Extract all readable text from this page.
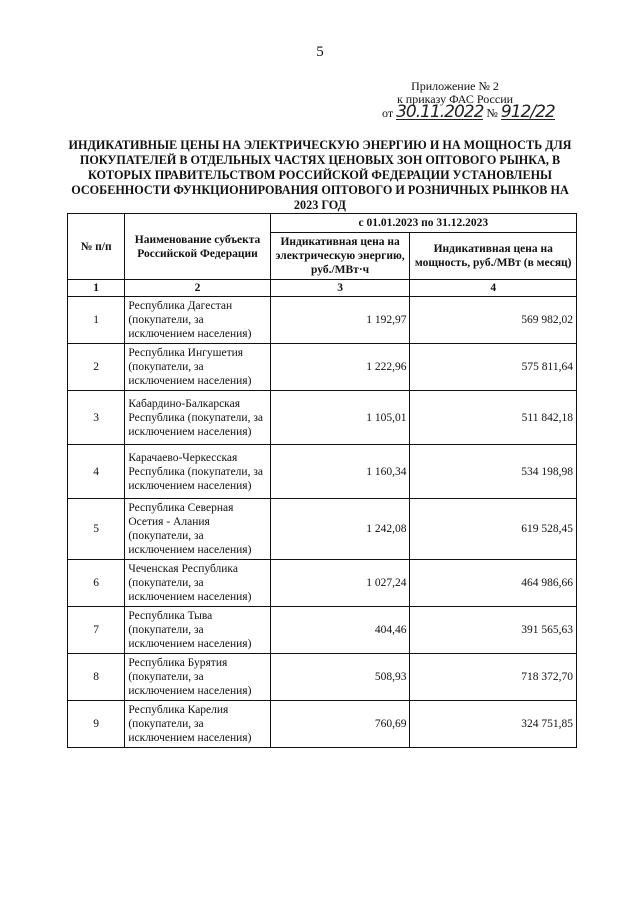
5
Приложение № 2
к приказу ФАС России
от 30.11.2022 № 912/22
ИНДИКАТИВНЫЕ ЦЕНЫ НА ЭЛЕКТРИЧЕСКУЮ ЭНЕРГИЮ И НА МОЩНОСТЬ ДЛЯ ПОКУПАТЕЛЕЙ В ОТДЕЛЬНЫХ ЧАСТЯХ ЦЕНОВЫХ ЗОН ОПТОВОГО РЫНКА, В КОТОРЫХ ПРАВИТЕЛЬСТВОМ РОССИЙСКОЙ ФЕДЕРАЦИИ УСТАНОВЛЕНЫ ОСОБЕННОСТИ ФУНКЦИОНИРОВАНИЯ ОПТОВОГО И РОЗНИЧНЫХ РЫНКОВ НА 2023 ГОД
№ п/п	Наименование субъекта Российской Федерации	с 01.01.2023 по 31.12.2023	
		Индикативная цена на электрическую энергию, руб./МВт·ч	Индикативная цена на мощность, руб./МВт (в месяц)
1	2	3	4
1	Республика Дагестан (покупатели, за исключением населения)	1 192,97	569 982,02
2	Республика Ингушетия (покупатели, за исключением населения)	1 222,96	575 811,64
3	Кабардино-Балкарская Республика (покупатели, за исключением населения)	1 105,01	511 842,18
4	Карачаево-Черкесская Республика (покупатели, за исключением населения)	1 160,34	534 198,98
5	Республика Северная Осетия - Алания (покупатели, за исключением населения)	1 242,08	619 528,45
6	Чеченская Республика (покупатели, за исключением населения)	1 027,24	464 986,66
7	Республика Тыва (покупатели, за исключением населения)	404,46	391 565,63
8	Республика Бурятия (покупатели, за исключением населения)	508,93	718 372,70
9	Республика Карелия (покупатели, за исключением населения)	760,69	324 751,85
